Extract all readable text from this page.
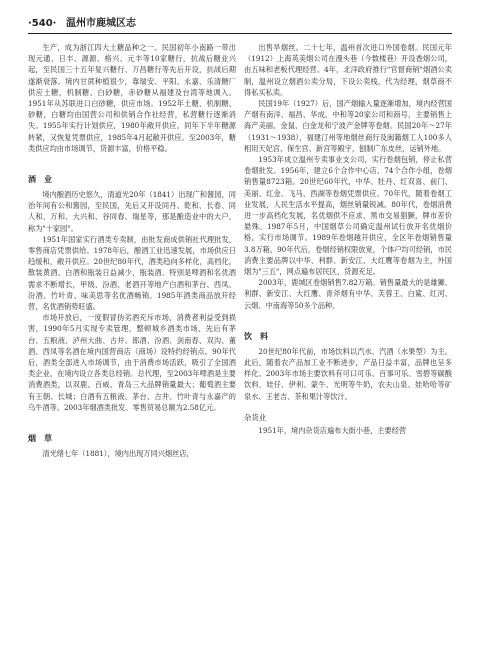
·540· 温州市鹿城区志

生产，成为浙江四大土糖品种之一。民国初年小南路一带出现元通、日丰、源源、格兴、元丰等10家糖行，抗战后糖业兴起，至民国三十五年复兴糖行、万昌糖行等先后开设，抗战后期遂渐衰落。境内甘蔗种植很少，靠瑞安、平阳、永嘉、乐清糖厂供应土糖，机制糖、白砂糖，赤砂糖从福建及台湾等地调入。1951年从苏联进口白砂糖，供应市场。1952年土糖、机制糖、砂糖，白糖均由国营公司和供销合作社经营，私营糖行逐渐消失。1955年实行计划供应，1980年敞开供应，同年下半年糖源转紧，又恢复凭票供应，1985年4月起敞开供应。至2003年，糖类供应均由市场调节，货源丰富，价格平稳。

酒　业

境内酿酒历史悠久，清道光20年（1841）出现广和酱园，同治年间有公和酱园，至民国，先后又开设同丹、乾和、长春、同人和、万和、大兴和、谷同春、瑞星等，那是酿造业中的大户，称为"十家园"。

1951年国家实行酒类专卖制，由批发商成供销社代理批发，零售商店凭票供给。1978年后，酿酒工业迅速发展，市场供应日趋缓和，敞开供应。20世纪80年代，酒类趋向多样化，高档化，散装黄酒、白酒和瓶装日益减少，瓶装酒、特别是啤酒和名优酒需求不断增长，甲级、汾酒、老酒开等地产白酒和茅台、西凤、汾酒、竹叶青、味美思等名优酒畅销。1985年酒类商品放开经营，名优酒销势旺盛。

市场开放后，一度假冒伪劣酒充斥市场，消费者利益受到损害，1990年5月实现专卖管理，整顿城乡酒类市场，先后有茅台、五粮液、泸州大曲、古井、郎酒、汾酒、剑南春、双沟、董酒、西凤等名酒在境内国营商店（商场）设特约经销点。90年代后，酒类全部进入市场调节，由于消费市场活跃，吸引了全国酒类企业，在境内设立各类总经销。总代理，至2003年啤酒是主要消费酒类，以双鹿、百威、青岛三大品牌销量最大；葡萄酒主要有王朝、长城；白酒有五粮液、茅台、古井、竹叶青与永嘉产的乌牛酒等。2003年烟酒类批发、零售贸易总额为2.58亿元。

烟　草

清光绪七年（1881），境内出现万同兴烟丝店，

出售旱烟丝。二十七年，温州首次进口外国卷烟。民国元年（1912）上海英美烟公司在漫头巷（今数楼巷）开设香烟公司，由五味和老板代理经营。4年，北洋政府推行"官督商销"烟酒公卖制，温州设立烟酒公卖分局，下设公卖栈，代为经理，烟草商不得私买私卖。

民国19年（1927）后，国产烟输入量逐渐增加，境内经营国产烟有南洋、福昌、华成、中和等20家公司和商号，主要销售上海产美丽、金鼠、白金龙和宁波产金牌等卷烟。民国20年～27年（1931～1938），福建汀州等地烟丝商行及闽籍烟工人100多人相用天妃宫、保生宫、新宫等殿宇，刨制广东皮丝，运销外地。

1953年成立温州专卖事业支公司，实行卷烟包销，停止私营卷烟批发。1956年，建立6个合作中心店，74个合作小组，卷烟销售量8723箱。20世纪60年代，中华、牡丹、红双喜、前门、美丽、红金、飞马、西湖等卷烟凭票供应。70年代，随着卷烟工业发展，人民生活水平提高，烟丝销量锐减。80年代，卷烟消费进一步高档化发展，名优烟供不应求，黑市交易猖獗，牌市差价悬殊。1987年5月，中国烟草公司确定温州试行放开名优烟价格，实行市场调节。1989年卷烟越开供应，全区年卷烟销售量3.8万箱，90年代后，卷烟经销权限放宽，个体户均可经销，市民消费主要品牌以中华、利群、新安江、大红鹰等卷烟为主，外国烟为"三五"，网点遍布居民区，货源充足。

2003年，鹿城区卷烟销售7.82万箱。销售量最大的是雄狮、利群、新安江、大红鹰、青斧烟有中华、芙蓉王、白鲨、红河、云烟、中南海等50多个品种。

饮　料

20世纪80年代前，市场饮料以汽水、汽酒（水果型）为主。此后，随着农产品加工业不断进步，产品日益丰富，品牌也呈多样化。2003年市场主要饮料有可口可乐、百事可乐、雪碧等碳酸饮料，娃仔、伊利、蒙牛、光明等牛奶，农夫山泉、娃哈哈等矿泉水、王老吉、茶和果汁等饮汁。

杂货业

1951年，境内杂货店遍布大街小巷，主要经营
